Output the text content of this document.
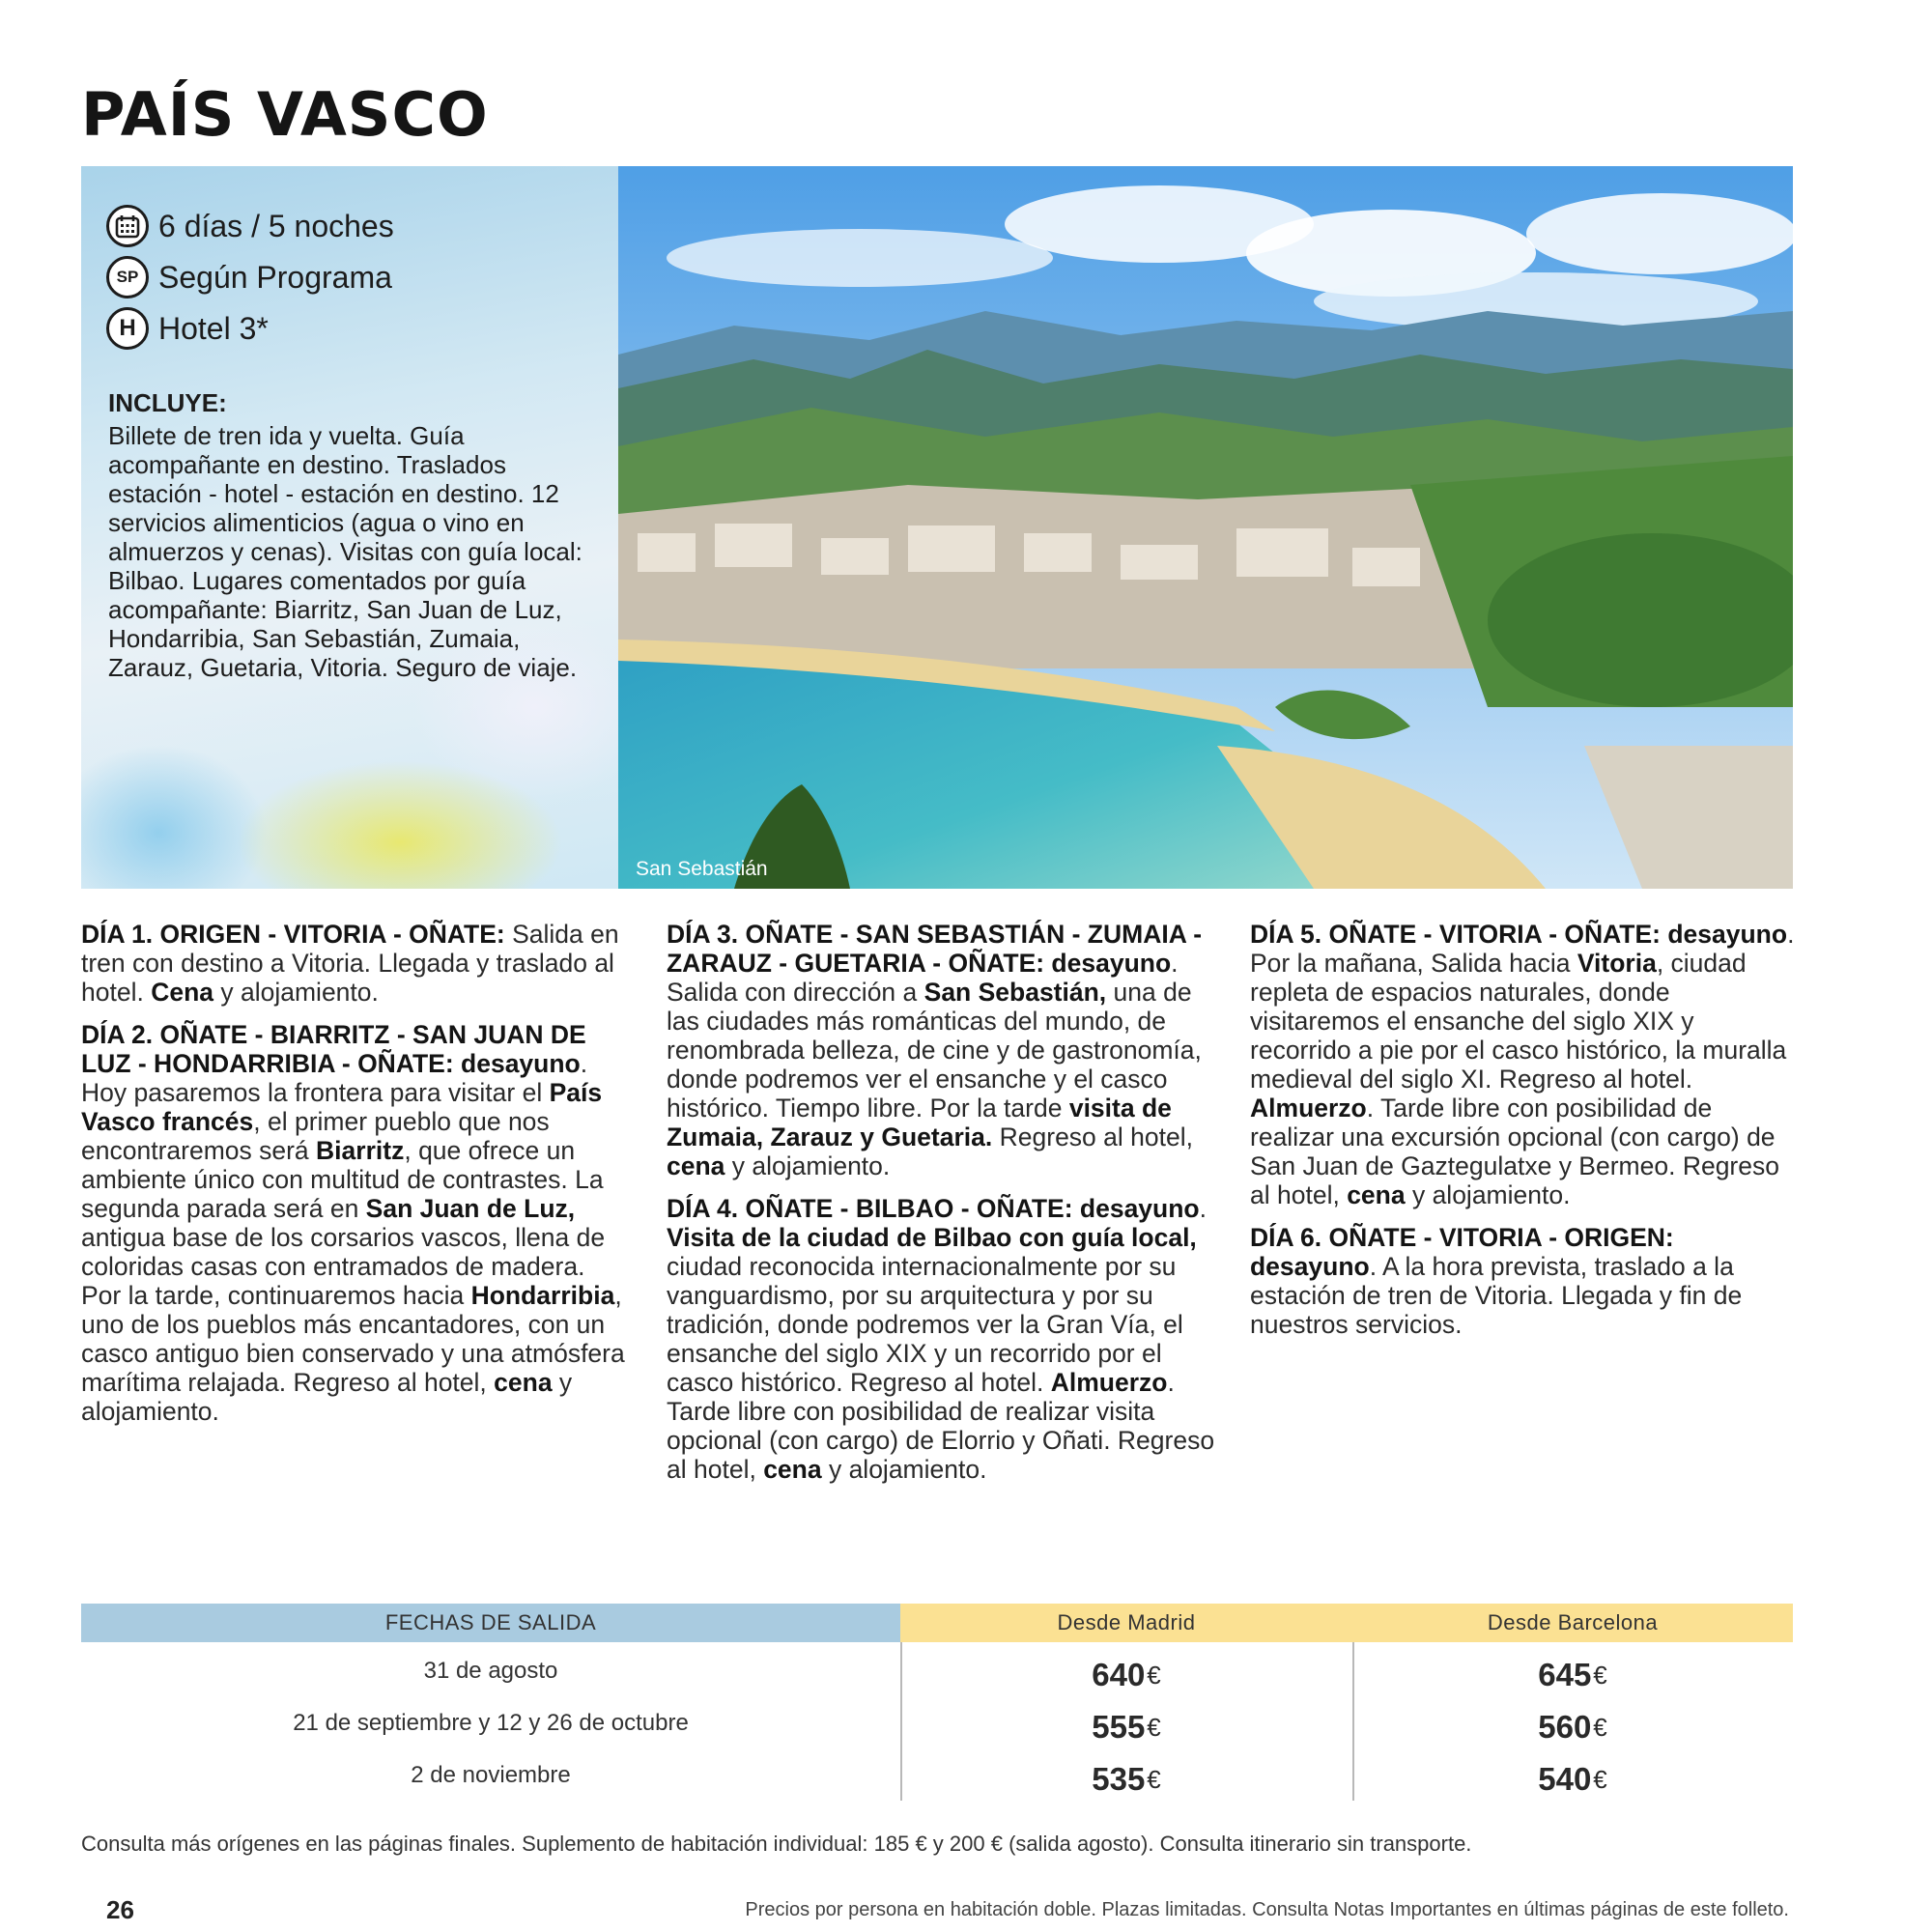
PAÍS VASCO
6 días / 5 noches
SP Según Programa
H Hotel 3*
INCLUYE:
Billete de tren ida y vuelta. Guía acompañante en destino. Traslados estación - hotel - estación en destino. 12 servicios alimenticios (agua o vino en almuerzos y cenas). Visitas con guía local: Bilbao. Lugares comentados por guía acompañante: Biarritz, San Juan de Luz, Hondarribia, San Sebastián, Zumaia, Zarauz, Guetaria, Vitoria. Seguro de viaje.
San Sebastián

DÍA 1. ORIGEN - VITORIA - OÑATE: Salida en tren con destino a Vitoria. Llegada y traslado al hotel. Cena y alojamiento.

DÍA 2. OÑATE - BIARRITZ - SAN JUAN DE LUZ - HONDARRIBIA - OÑATE: desayuno. Hoy pasaremos la frontera para visitar el País Vasco francés, el primer pueblo que nos encontraremos será Biarritz, que ofrece un ambiente único con multitud de contrastes. La segunda parada será en San Juan de Luz, antigua base de los corsarios vascos, llena de coloridas casas con entramados de madera. Por la tarde, continuaremos hacia Hondarribia, uno de los pueblos más encantadores, con un casco antiguo bien conservado y una atmósfera marítima relajada. Regreso al hotel, cena y alojamiento.

DÍA 3. OÑATE - SAN SEBASTIÁN - ZUMAIA - ZARAUZ - GUETARIA - OÑATE: desayuno. Salida con dirección a San Sebastián, una de las ciudades más románticas del mundo, de renombrada belleza, de cine y de gastronomía, donde podremos ver el ensanche y el casco histórico. Tiempo libre. Por la tarde visita de Zumaia, Zarauz y Guetaria. Regreso al hotel, cena y alojamiento.

DÍA 4. OÑATE - BILBAO - OÑATE: desayuno. Visita de la ciudad de Bilbao con guía local, ciudad reconocida internacionalmente por su vanguardismo, por su arquitectura y por su tradición, donde podremos ver la Gran Vía, el ensanche del siglo XIX y un recorrido por el casco histórico. Regreso al hotel. Almuerzo. Tarde libre con posibilidad de realizar visita opcional (con cargo) de Elorrio y Oñati. Regreso al hotel, cena y alojamiento.

DÍA 5. OÑATE - VITORIA - OÑATE: desayuno. Por la mañana, Salida hacia Vitoria, ciudad repleta de espacios naturales, donde visitaremos el ensanche del siglo XIX y recorrido a pie por el casco histórico, la muralla medieval del siglo XI. Regreso al hotel. Almuerzo. Tarde libre con posibilidad de realizar una excursión opcional (con cargo) de San Juan de Gaztegulatxe y Bermeo. Regreso al hotel, cena y alojamiento.

DÍA 6. OÑATE - VITORIA - ORIGEN: desayuno. A la hora prevista, traslado a la estación de tren de Vitoria. Llegada y fin de nuestros servicios.

FECHAS DE SALIDA	Desde Madrid	Desde Barcelona
31 de agosto	640 €	645 €
21 de septiembre y 12 y 26 de octubre	555 €	560 €
2 de noviembre	535 €	540 €

Consulta más orígenes en las páginas finales. Suplemento de habitación individual: 185 € y 200 € (salida agosto). Consulta itinerario sin transporte.

26	Precios por persona en habitación doble. Plazas limitadas. Consulta Notas Importantes en últimas páginas de este folleto.
